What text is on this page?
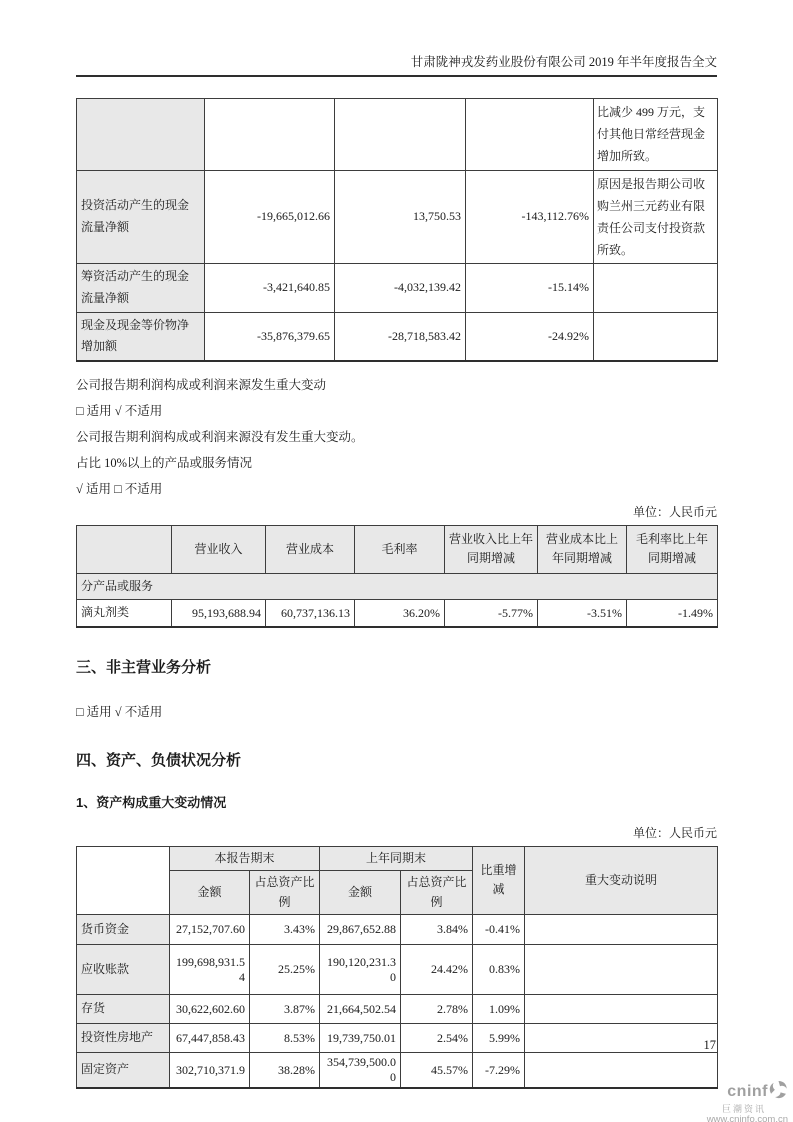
甘肃陇神戎发药业股份有限公司 2019 年半年度报告全文
				比减少 499 万元，支付其他日常经营现金增加所致。
投资活动产生的现金流量净额	-19,665,012.66	13,750.53	-143,112.76%	原因是报告期公司收购兰州三元药业有限责任公司支付投资款所致。
筹资活动产生的现金流量净额	-3,421,640.85	-4,032,139.42	-15.14%	
现金及现金等价物净增加额	-35,876,379.65	-28,718,583.42	-24.92%	
公司报告期利润构成或利润来源发生重大变动
□ 适用 √ 不适用
公司报告期利润构成或利润来源没有发生重大变动。
占比 10%以上的产品或服务情况
√ 适用 □ 不适用
单位：人民币元
	营业收入	营业成本	毛利率	营业收入比上年同期增减	营业成本比上年同期增减	毛利率比上年同期增减
分产品或服务						
滴丸剂类	95,193,688.94	60,737,136.13	36.20%	-5.77%	-3.51%	-1.49%
三、非主营业务分析
□ 适用 √ 不适用
四、资产、负债状况分析
1、资产构成重大变动情况
单位：人民币元
	本报告期末		上年同期末		比重增减	重大变动说明
	金额	占总资产比例	金额	占总资产比例		
货币资金	27,152,707.60	3.43%	29,867,652.88	3.84%	-0.41%	
应收账款	199,698,931.54	25.25%	190,120,231.30	24.42%	0.83%	
存货	30,622,602.60	3.87%	21,664,502.54	2.78%	1.09%	
投资性房地产	67,447,858.43	8.53%	19,739,750.01	2.54%	5.99%	
固定资产	302,710,371.9	38.28%	354,739,500.00	45.57%	-7.29%	
17
cninf
巨潮资讯
www.cninfo.com.cn
